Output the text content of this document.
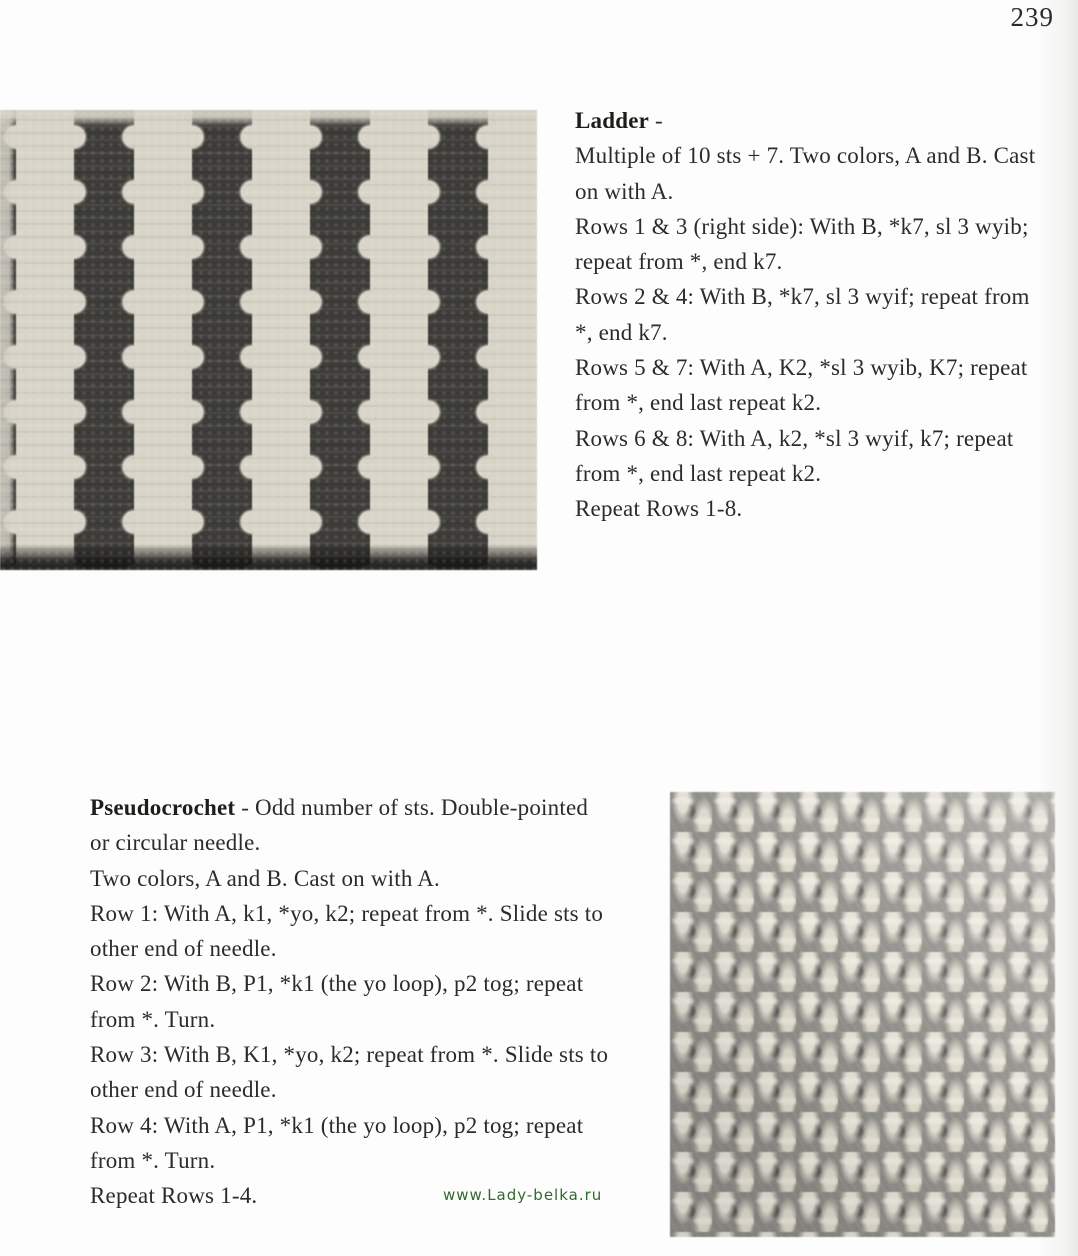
239

Ladder -

Multiple of 10 sts + 7. Two colors, A and B. Cast

on with A.

Rows 1 & 3 (right side): With B, *k7, sl 3 wyib;

repeat from *, end k7.

Rows 2 & 4: With B, *k7, sl 3 wyif; repeat from

*, end k7.

Rows 5 & 7: With A, K2, *sl 3 wyib, K7; repeat

from *, end last repeat k2.

Rows 6 & 8: With A, k2, *sl 3 wyif, k7; repeat

from *, end last repeat k2.

Repeat Rows 1-8.

Pseudocrochet - Odd number of sts. Double-pointed

or circular needle.

Two colors, A and B. Cast on with A.

Row 1: With A, k1, *yo, k2; repeat from *. Slide sts to

other end of needle.

Row 2: With B, P1, *k1 (the yo loop), p2 tog; repeat

from *. Turn.

Row 3: With B, K1, *yo, k2; repeat from *. Slide sts to

other end of needle.

Row 4: With A, P1, *k1 (the yo loop), p2 tog; repeat

from *. Turn.

Repeat Rows 1-4.	www.Lady-belka.ru
